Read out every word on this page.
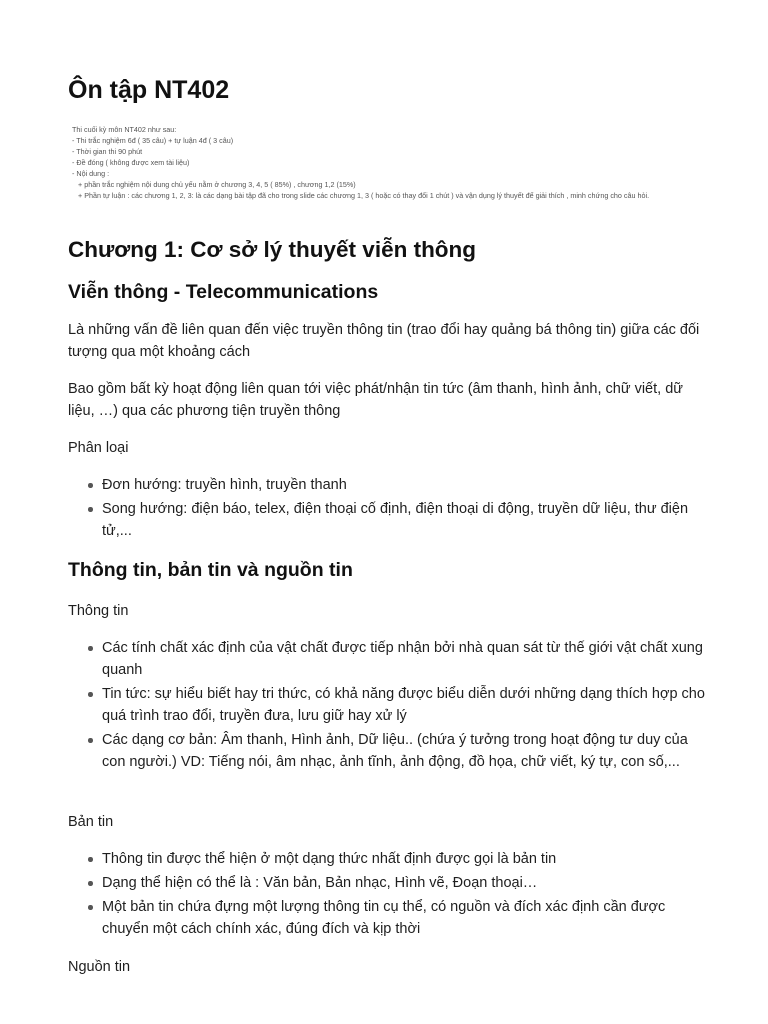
Ôn tập NT402
Thi cuối kỳ môn NT402 như sau:
- Thi trắc nghiệm 6đ ( 35 câu) + tự luận 4đ ( 3 câu)
- Thời gian thi 90 phút
- Đề đóng ( không được xem tài liệu)
- Nội dung :
+ phần trắc nghiệm nội dung chủ yếu nằm ở chương 3, 4, 5 ( 85%) , chương 1,2 (15%)
+ Phần tự luận : các chương 1, 2, 3: là các dạng bài tập đã cho trong slide các chương 1, 3 ( hoặc có thay đổi 1 chút ) và vận dụng lý thuyết để giải thích , minh chứng cho câu hỏi.
Chương 1: Cơ sở lý thuyết viễn thông
Viễn thông - Telecommunications

Là những vấn đề liên quan đến việc truyền thông tin (trao đổi hay quảng bá thông tin) giữa các đối tượng qua một khoảng cách

Bao gồm bất kỳ hoạt động liên quan tới việc phát/nhận tin tức (âm thanh, hình ảnh, chữ viết, dữ liệu, …) qua các phương tiện truyền thông

Phân loại

Đơn hướng: truyền hình, truyền thanh
Song hướng: điện báo, telex, điện thoại cố định, điện thoại di động, truyền dữ liệu, thư điện tử,...
Thông tin, bản tin và nguồn tin

Thông tin

Các tính chất xác định của vật chất được tiếp nhận bởi nhà quan sát từ thế giới vật chất xung quanh
Tin tức: sự hiểu biết hay tri thức, có khả năng được biểu diễn dưới những dạng thích hợp cho quá trình trao đổi, truyền đưa, lưu giữ hay xử lý
Các dạng cơ bản: Âm thanh, Hình ảnh, Dữ liệu.. (chứa ý tưởng trong hoạt động tư duy của con người.) VD: Tiếng nói, âm nhạc, ảnh tĩnh, ảnh động, đồ họa, chữ viết, ký tự, con số,...

Bản tin

Thông tin được thể hiện ở một dạng thức nhất định được gọi là bản tin
Dạng thể hiện có thể là : Văn bản, Bản nhạc, Hình vẽ, Đoạn thoại…
Một bản tin chứa đựng một lượng thông tin cụ thể, có nguồn và đích xác định cần được chuyển một cách chính xác, đúng đích và kịp thời

Nguồn tin
